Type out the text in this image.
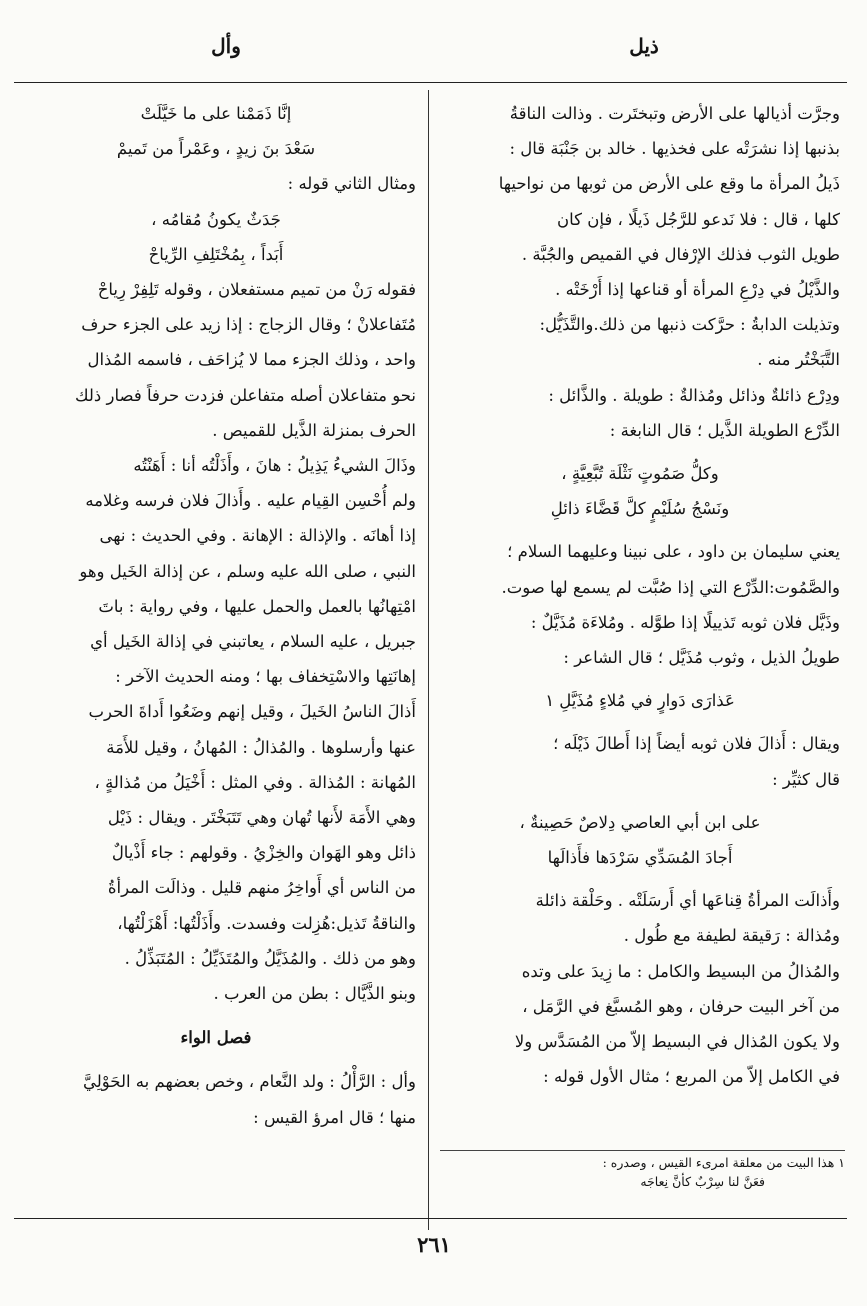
ذيل
وأل

وجرَّت أذيالها على الأرض وتبختَرت . وذالت الناقةُ

بذنبها إذا نشرَتْه على فخذيها . خالد بن جَنْبَة قال :

ذَيلُ المرأة ما وقع على الأرض من ثوبها من نواحيها

كلها ، قال : فلا نَدعو للرَّجُل ذَيلًا ، فإن كان

طويل الثوب فذلك الإرْفال في القميص والجُبَّة .

والذَّيْلُ في دِرْعِ المرأة أو قناعها إذا أَرْخَتْه .

وتذيلت الدابةُ : حرَّكت ذنبها من ذلك.والتَّذَيُّل:

التَّبَخْتُر منه .

ودِرْع ذائلةٌ وذائل ومُذالةٌ : طويلة . والذَّائل :

الدِّرْع الطويلة الذَّيل ؛ قال النابغة :

وكلُّ صَمُوتٍ نَثْلَة تُبَّعِيَّةٍ ،

ونَسْجُ سُلَيْمٍ كلَّ قَضَّاءَ ذائلِ

يعني سليمان بن داود ، على نبينا وعليهما السلام ؛

والصَّمُوت:الدِّرْع التي إذا صُبَّت لم يسمع لها صوت.

وذَيَّل فلان ثوبه تَذييلًا إذا طوَّله . ومُلاءَة مُذَيَّلٌ :

طويلُ الذيل ، وثوب مُذَيَّل ؛ قال الشاعر :

عَذارَى دَوارٍ في مُلاءٍ مُذَيَّلِ ١

ويقال : أَذالَ فلان ثوبه أيضاً إذا أَطالَ ذَيْلَه ؛

قال كثيِّر :

على ابن أبي العاصي دِلاصٌ حَصِينةٌ ،

أَجادَ المُسَدِّي سَرْدَها فأَذالَها

وأَذالَت المرأةُ قِناعَها أي أَرسَلَتْه . وحَلْقة ذائلة

ومُذالة : رَقيقة لطيفة مع طُول .

والمُذالُ من البسيط والكامل : ما زِيدَ على وتده

من آخر البيت حرفان ، وهو المُسبَّغ في الرَّمَل ،

ولا يكون المُذال في البسيط إلاّ من المُسَدَّس ولا

في الكامل إلاّ من المربع ؛ مثال الأول قوله :

١ هذا البيت من معلقة امرىء القيس ، وصدره :

فعَنَّ لنا سِرْبٌ كأنَّ نِعاجَه

إنَّا ذَمَمْنا على ما خَيَّلَتْ

سَعْدَ بنَ زيدٍ ، وعَمْراً من تَميمْ

ومثال الثاني قوله :

جَدَثٌ يكونُ مُقامُه ،

أَبَداً ، بِمُخْتَلِفِ الرِّياحْ

فقوله رَنْ من تميم مستفعلان ، وقوله تَلِفِرْ رِياحْ

مُتَفاعلانْ ؛ وقال الزجاج : إذا زيد على الجزء حرف

واحد ، وذلك الجزء مما لا يُزاحَف ، فاسمه المُذال

نحو متفاعلان أصله متفاعلن فزدت حرفاً فصار ذلك

الحرف بمنزلة الذَّيل للقميص .

وذَالَ الشيءُ يَذِيلُ : هانَ ، وأَذَلْتُه أنا : أَهَنْتُه

ولم أُحْسِن القِيام عليه . وأَذالَ فلان فرسه وغلامه

إذا أهانَه . والإذالة : الإهانة . وفي الحديث : نهى

النبي ، صلى الله عليه وسلم ، عن إذالة الخَيل وهو

امْتِهانُها بالعمل والحمل عليها ، وفي رواية : باتَ

جبريل ، عليه السلام ، يعاتبني في إذالة الخَيل أي

إهانَتِها والاسْتِخفاف بها ؛ ومنه الحديث الآخر :

أَذالَ الناسُ الخَيلَ ، وقيل إنهم وضَعُوا أَداةَ الحرب

عنها وأرسلوها . والمُذالُ : المُهانُ ، وقيل للأَمَة

المُهانة : المُذالة . وفي المثل : أَخْيَلُ من مُذالةٍ ،

وهي الأَمَة لأَنها تُهان وهي تَتَبَخْتَر . ويقال : ذَيْل

ذائل وهو الهَوان والخِزْيُ . وقولهم : جاء أَذْيالٌ

من الناس أي أَواخِرُ منهم قليل . وذالَت المرأةُ

والناقةُ تَذيل:هُزِلت وفسدت. وأَذَلْتُها: أَهْزَلْتُها،

وهو من ذلك . والمُذَيَّلُ والمُتَذَيِّلُ : المُتَبَذِّلُ .

وبنو الذَّيَّال : بطن من العرب .

فصل الواء

وأل : الرَّأْلُ : ولد النَّعام ، وخص بعضهم به الحَوْلِيَّ

منها ؛ قال امرؤ القيس :

٢٦١
